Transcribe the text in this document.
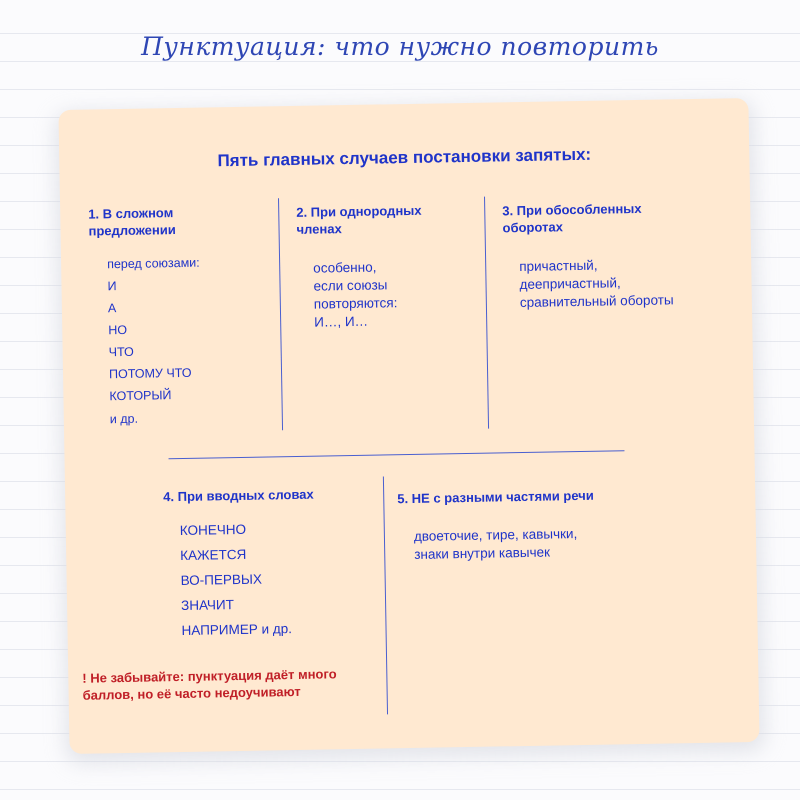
Пунктуация: что нужно повторить
Пять главных случаев постановки запятых:
1. В сложном предложении
перед союзами:
И
А
НО
ЧТО
ПОТОМУ ЧТО
КОТОРЫЙ
и др.
2. При однородных членах
особенно,
если союзы
повторяются:
И…, И…
3. При обособленных оборотах
причастный,
деепричастный,
сравнительный обороты
4. При вводных словах
КОНЕЧНО
КАЖЕТСЯ
ВО-ПЕРВЫХ
ЗНАЧИТ
НАПРИМЕР и др.
5. НЕ с разными частями речи
двоеточие, тире, кавычки,
знаки внутри кавычек
! Не забывайте: пунктуация даёт много баллов, но её часто недоучивают
